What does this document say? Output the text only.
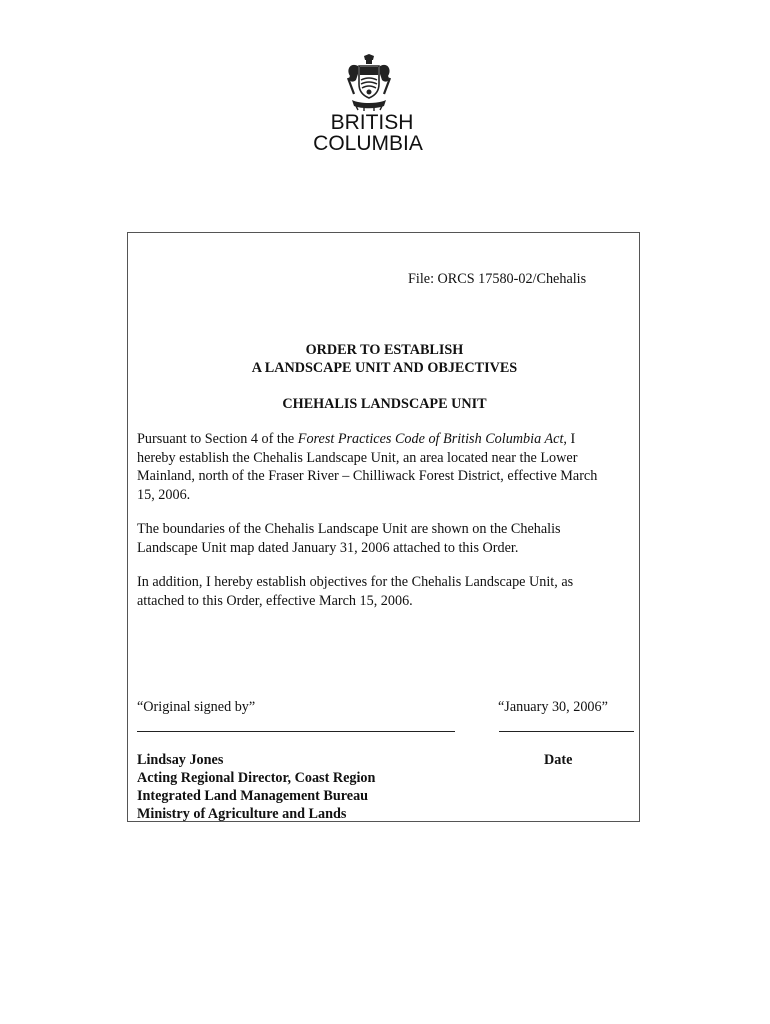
BRITISH
COLUMBIA
File: ORCS 17580-02/Chehalis
ORDER TO ESTABLISH
A LANDSCAPE UNIT AND OBJECTIVES
CHEHALIS LANDSCAPE UNIT
Pursuant to Section 4 of the Forest Practices Code of British Columbia Act, I hereby establish the Chehalis Landscape Unit, an area located near the Lower Mainland, north of the Fraser River – Chilliwack Forest District, effective March 15, 2006.
The boundaries of the Chehalis Landscape Unit are shown on the Chehalis Landscape Unit map dated January 31, 2006 attached to this Order.
In addition, I hereby establish objectives for the Chehalis Landscape Unit, as attached to this Order, effective March 15, 2006.
“Original signed by”	“January 30, 2006”
Lindsay Jones
Acting Regional Director, Coast Region
Integrated Land Management Bureau
Ministry of Agriculture and Lands
Date
